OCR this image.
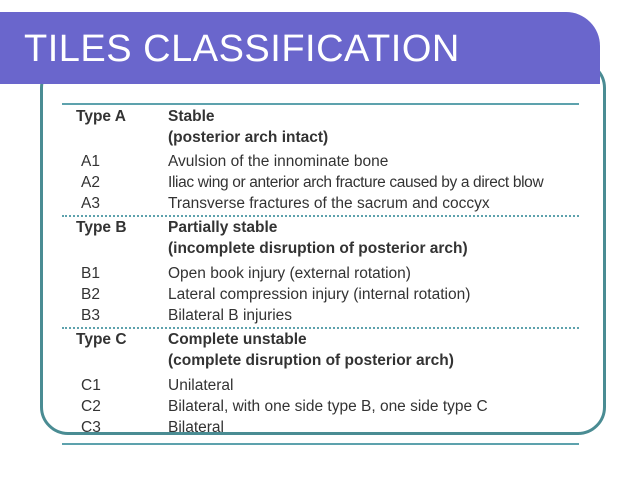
TILES CLASSIFICATION
Type A	Stable
(posterior arch intact)
A1	Avulsion of the innominate bone
A2	Iliac wing or anterior arch fracture caused by a direct blow
A3	Transverse fractures of the sacrum and coccyx
Type B	Partially stable
(incomplete disruption of posterior arch)
B1	Open book injury (external rotation)
B2	Lateral compression injury (internal rotation)
B3	Bilateral B injuries
Type C	Complete unstable
(complete disruption of posterior arch)
C1	Unilateral
C2	Bilateral, with one side type B, one side type C
C3	Bilateral
